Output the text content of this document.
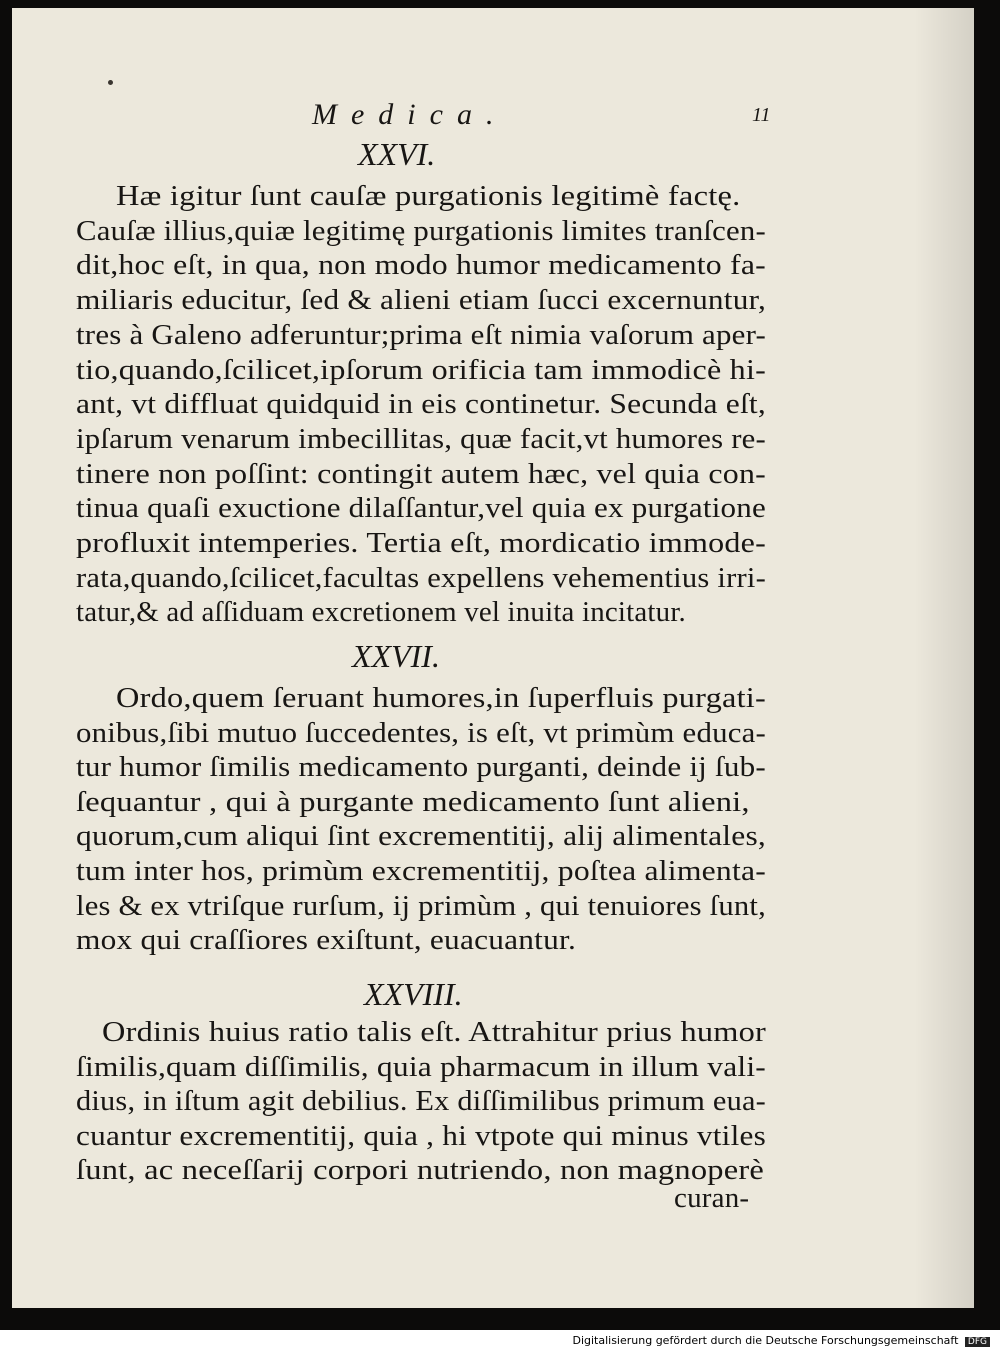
Medica.	11
XXVI.
Hæ igitur ſunt cauſæ purgationis legitimè factę.
Cauſæ illius,quiæ legitimę purgationis limites tranſcen-
dit,hoc eſt, in qua, non modo humor medicamento fa-
miliaris educitur, ſed & alieni etiam ſucci excernuntur,
tres à Galeno adferuntur;prima eſt nimia vaſorum aper-
tio,quando,ſcilicet,ipſorum orificia tam immodicè hi-
ant, vt diffluat quidquid in eis continetur. Secunda eſt,
ipſarum venarum imbecillitas, quæ facit,vt humores re-
tinere non poſſint: contingit autem hæc, vel quia con-
tinua quaſi exuctione dilaſſantur,vel quia ex purgatione
profluxit intemperies. Tertia eſt, mordicatio immode-
rata,quando,ſcilicet,facultas expellens vehementius irri-
tatur,& ad aſſiduam excretionem vel inuita incitatur.
XXVII.
Ordo,quem ſeruant humores,in ſuperfluis purgati-
onibus,ſibi mutuo ſuccedentes, is eſt, vt primùm educa-
tur humor ſimilis medicamento purganti, deinde ij ſub-
ſequantur , qui à purgante medicamento ſunt alieni,
quorum,cum aliqui ſint excrementitij, alij alimentales,
tum inter hos, primùm excrementitij, poſtea alimenta-
les & ex vtriſque rurſum, ij primùm , qui tenuiores ſunt,
mox qui craſſiores exiſtunt, euacuantur.
XXVIII.
Ordinis huius ratio talis eſt. Attrahitur prius humor
ſimilis,quam diſſimilis, quia pharmacum in illum vali-
dius, in iſtum agit debilius. Ex diſſimilibus primum eua-
cuantur excrementitij, quia , hi vtpote qui minus vtiles
ſunt, ac neceſſarij corpori nutriendo, non magnoperè
curan-
Digitalisierung gefördert durch die Deutsche Forschungsgemeinschaft DFG
